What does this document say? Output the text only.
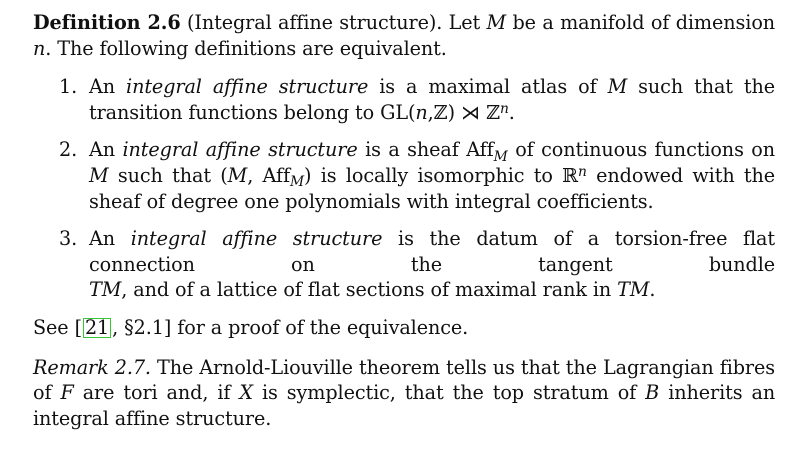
Definition 2.6 (Integral affine structure). Let M be a manifold of dimension n. The following definitions are equivalent.

1. An integral affine structure is a maximal atlas of M such that the transition functions belong to GL(n,ℤ) ⋊ ℤ$^n$.
2. An integral affine structure is a sheaf Aff$_M$ of continuous functions on M such that (M, Aff$_M$) is locally isomorphic to ℝ$^n$ endowed with the sheaf of degree one polynomials with integral coefficients.
3. An integral affine structure is the datum of a torsion-free flat connection on the tangent bundle TM, and of a lattice of flat sections of maximal rank in TM.

See [ 21 , §2.1] for a proof of the equivalence.

Remark 2.7. The Arnold-Liouville theorem tells us that the Lagrangian fibres of F are tori and, if X is symplectic, that the top stratum of B inherits an integral affine structure.
